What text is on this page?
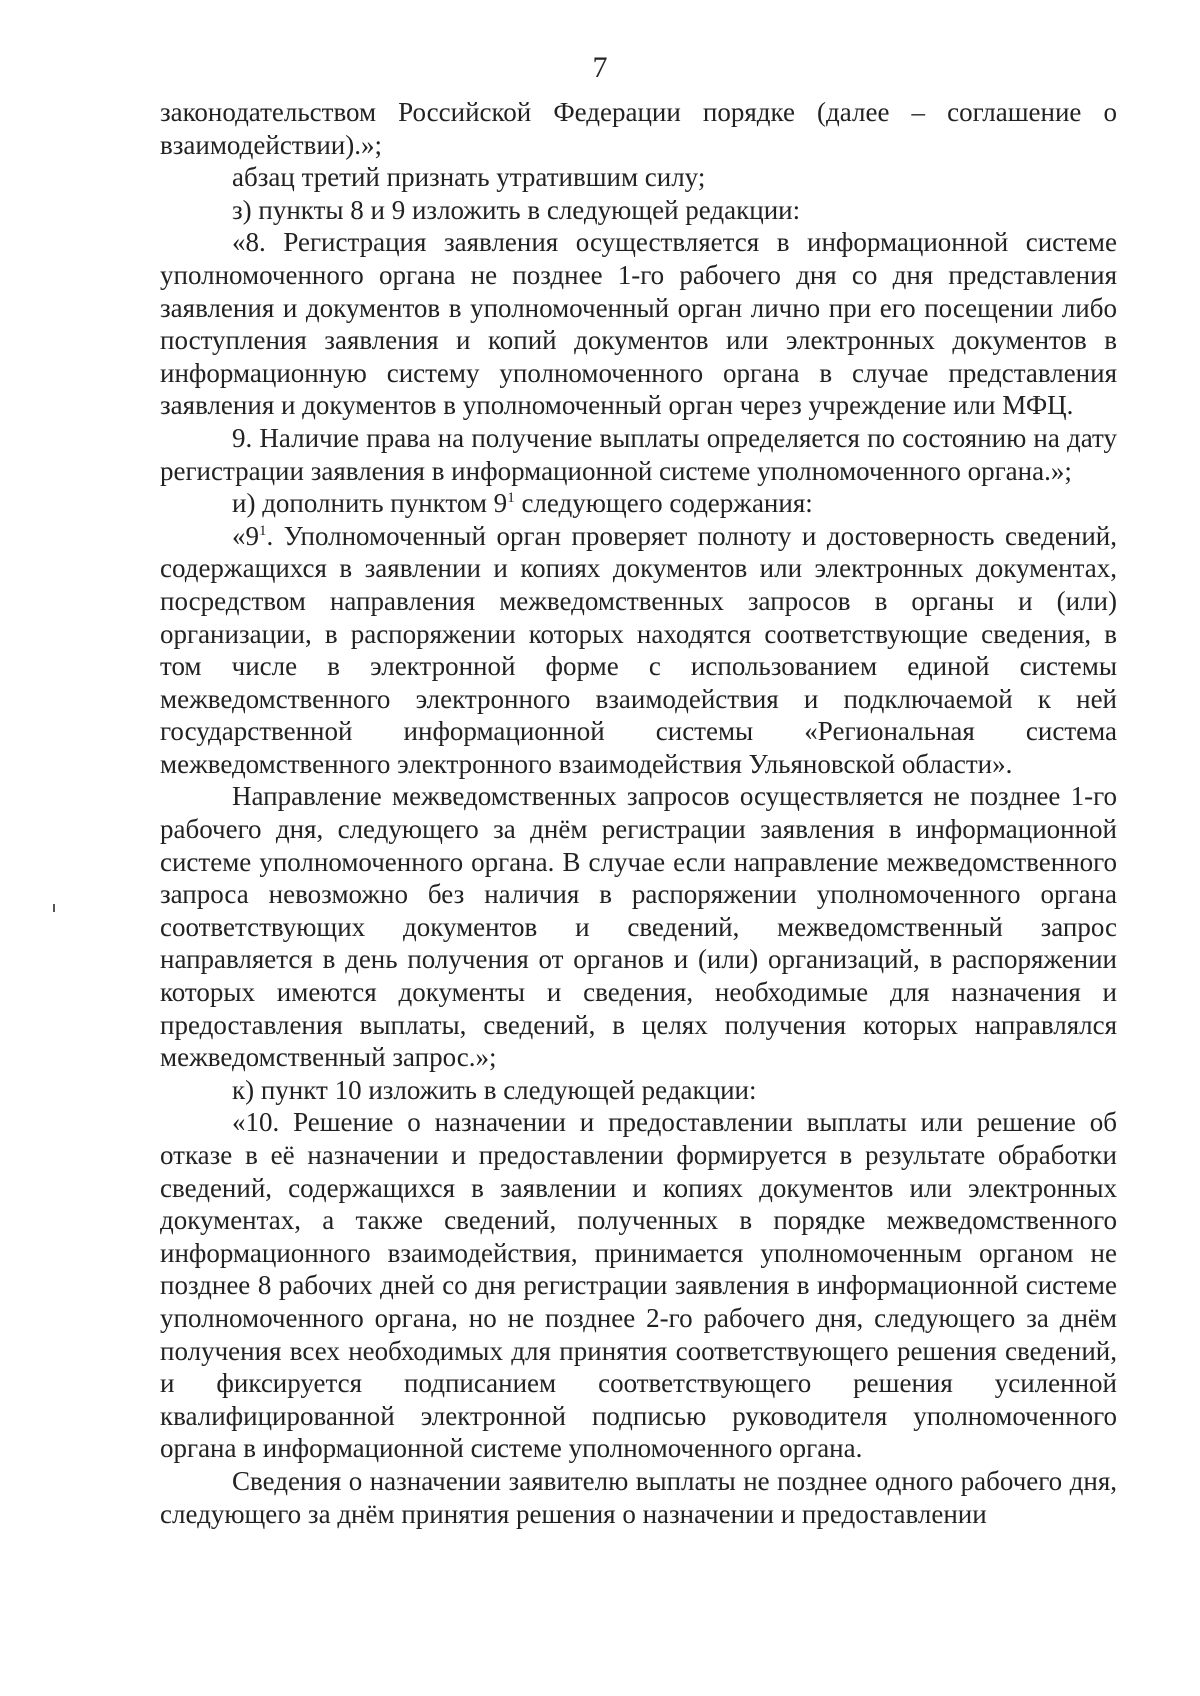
7

законодательством Российской Федерации порядке (далее – соглашение о взаимодействии).»;

абзац третий признать утратившим силу;

з) пункты 8 и 9 изложить в следующей редакции:

«8. Регистрация заявления осуществляется в информационной системе уполномоченного органа не позднее 1-го рабочего дня со дня представления заявления и документов в уполномоченный орган лично при его посещении либо поступления заявления и копий документов или электронных документов в информационную систему уполномоченного органа в случае представления заявления и документов в уполномоченный орган через учреждение или МФЦ.

9. Наличие права на получение выплаты определяется по состоянию на дату регистрации заявления в информационной системе уполномоченного органа.»;

и) дополнить пунктом $9^1$ следующего содержания:

«$9^1$. Уполномоченный орган проверяет полноту и достоверность сведений, содержащихся в заявлении и копиях документов или электронных документах, посредством направления межведомственных запросов в органы и (или) организации, в распоряжении которых находятся соответствующие сведения, в том числе в электронной форме с использованием единой системы межведомственного электронного взаимодействия и подключаемой к ней государственной информационной системы «Региональная система межведомственного электронного взаимодействия Ульяновской области».

Направление межведомственных запросов осуществляется не позднее 1-го рабочего дня, следующего за днём регистрации заявления в информационной системе уполномоченного органа. В случае если направление межведомственного запроса невозможно без наличия в распоряжении уполномоченного органа соответствующих документов и сведений, межведомственный запрос направляется в день получения от органов и (или) организаций, в распоряжении которых имеются документы и сведения, необходимые для назначения и предоставления выплаты, сведений, в целях получения которых направлялся межведомственный запрос.»;

к) пункт 10 изложить в следующей редакции:

«10. Решение о назначении и предоставлении выплаты или решение об отказе в её назначении и предоставлении формируется в результате обработки сведений, содержащихся в заявлении и копиях документов или электронных документах, а также сведений, полученных в порядке межведомственного информационного взаимодействия, принимается уполномоченным органом не позднее 8 рабочих дней со дня регистрации заявления в информационной системе уполномоченного органа, но не позднее 2-го рабочего дня, следующего за днём получения всех необходимых для принятия соответствующего решения сведений, и фиксируется подписанием соответствующего решения усиленной квалифицированной электронной подписью руководителя уполномоченного органа в информационной системе уполномоченного органа.

Сведения о назначении заявителю выплаты не позднее одного рабочего дня, следующего за днём принятия решения о назначении и предоставлении
